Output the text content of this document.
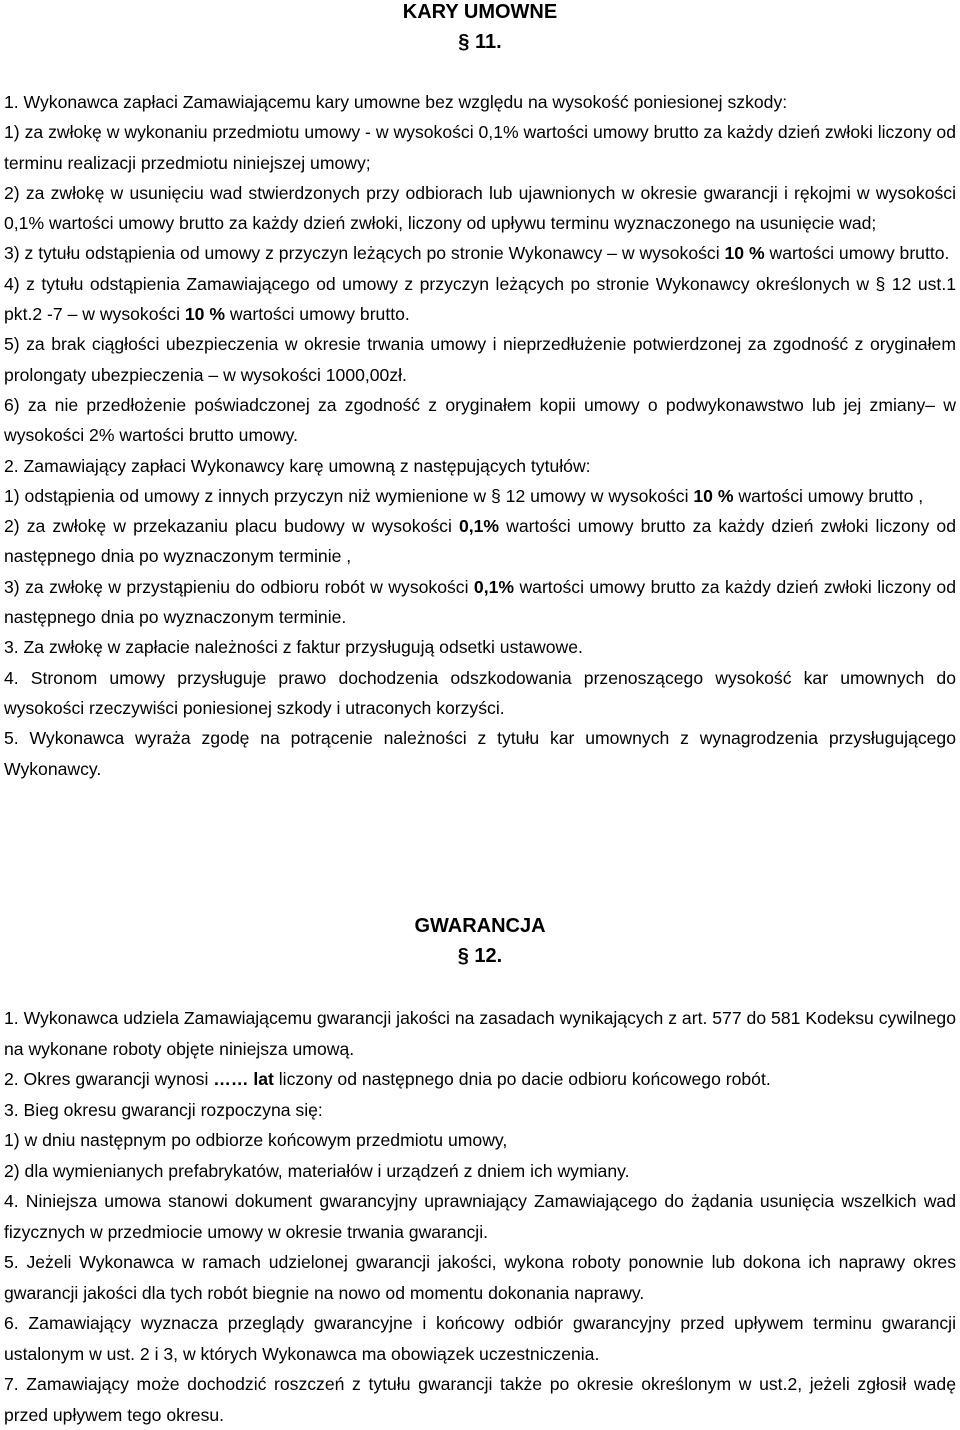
KARY UMOWNE
§ 11.
1. Wykonawca zapłaci Zamawiającemu kary umowne bez względu na wysokość poniesionej szkody:
1) za zwłokę w wykonaniu przedmiotu umowy - w wysokości 0,1% wartości umowy brutto za każdy dzień zwłoki liczony od terminu realizacji przedmiotu niniejszej umowy;
2) za zwłokę w usunięciu wad stwierdzonych przy odbiorach lub ujawnionych w okresie gwarancji i rękojmi w wysokości 0,1% wartości umowy brutto za każdy dzień zwłoki, liczony od upływu terminu wyznaczonego na usunięcie wad;
3) z tytułu odstąpienia od umowy z przyczyn leżących po stronie Wykonawcy – w wysokości 10 % wartości umowy brutto.
4) z tytułu odstąpienia Zamawiającego od umowy z przyczyn leżących po stronie Wykonawcy określonych w § 12 ust.1 pkt.2 -7 – w wysokości 10 % wartości umowy brutto.
5) za brak ciągłości ubezpieczenia w okresie trwania umowy i nieprzedłużenie potwierdzonej za zgodność z oryginałem prolongaty ubezpieczenia – w wysokości 1000,00zł.
6) za nie przedłożenie poświadczonej za zgodność z oryginałem kopii umowy o podwykonawstwo lub jej zmiany– w wysokości 2% wartości brutto umowy.
2. Zamawiający zapłaci Wykonawcy karę umowną z następujących tytułów:
1) odstąpienia od umowy z innych przyczyn niż wymienione w § 12 umowy w wysokości 10 % wartości umowy brutto ,
2) za zwłokę w przekazaniu placu budowy w wysokości 0,1% wartości umowy brutto za każdy dzień zwłoki liczony od następnego dnia po wyznaczonym terminie ,
3) za zwłokę w przystąpieniu do odbioru robót w wysokości 0,1% wartości umowy brutto za każdy dzień zwłoki liczony od następnego dnia po wyznaczonym terminie.
3. Za zwłokę w zapłacie należności z faktur przysługują odsetki ustawowe.
4. Stronom umowy przysługuje prawo dochodzenia odszkodowania przenoszącego wysokość kar umownych do wysokości rzeczywiści poniesionej szkody i utraconych korzyści.
5. Wykonawca wyraża zgodę na potrącenie należności z tytułu kar umownych z wynagrodzenia przysługującego Wykonawcy.
GWARANCJA
§ 12.
1. Wykonawca udziela Zamawiającemu gwarancji jakości na zasadach wynikających z art. 577 do 581 Kodeksu cywilnego na wykonane roboty objęte niniejsza umową.
2. Okres gwarancji wynosi …… lat liczony od następnego dnia po dacie odbioru końcowego robót.
3. Bieg okresu gwarancji rozpoczyna się:
1) w dniu następnym po odbiorze końcowym przedmiotu umowy,
2) dla wymienianych prefabrykatów, materiałów i urządzeń z dniem ich wymiany.
4. Niniejsza umowa stanowi dokument gwarancyjny uprawniający Zamawiającego do żądania usunięcia wszelkich wad fizycznych w przedmiocie umowy w okresie trwania gwarancji.
5. Jeżeli Wykonawca w ramach udzielonej gwarancji jakości, wykona roboty ponownie lub dokona ich naprawy okres gwarancji jakości dla tych robót biegnie na nowo od momentu dokonania naprawy.
6. Zamawiający wyznacza przeglądy gwarancyjne i końcowy odbiór gwarancyjny przed upływem terminu gwarancji ustalonym w ust. 2 i 3, w których Wykonawca ma obowiązek uczestniczenia.
7. Zamawiający może dochodzić roszczeń z tytułu gwarancji także po okresie określonym w ust.2, jeżeli zgłosił wadę przed upływem tego okresu.
